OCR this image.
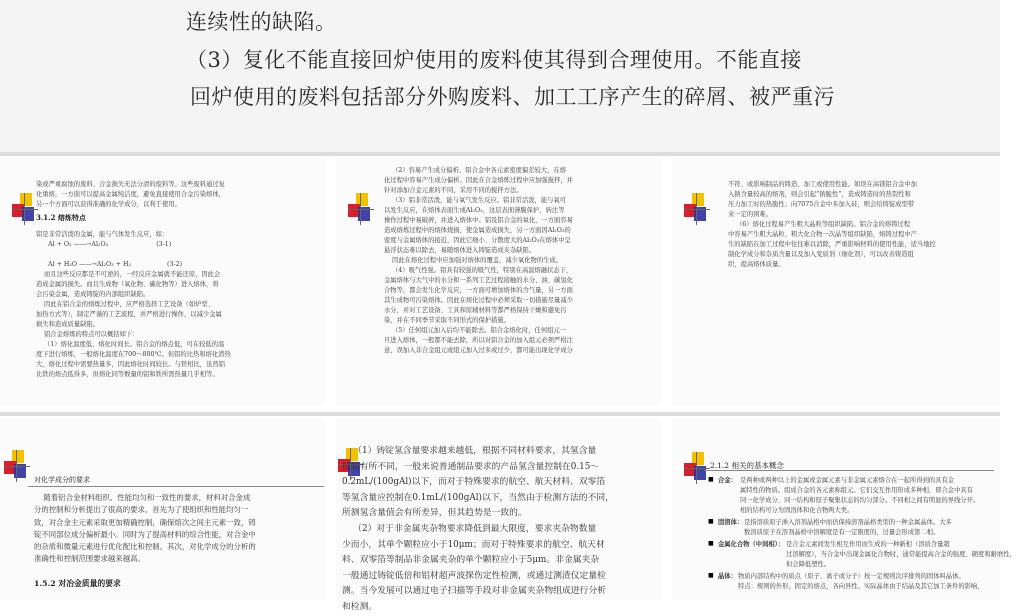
连续性的缺陷。
（3）复化不能直接回炉使用的废料使其得到合理使用。不能直接
回炉使用的废料包括部分外购废料、加工工序产生的碎屑、被严重污
3.1.2 熔炼特点
染或严重腐蚀的废料、合金损失无法分清的废料等。这些废料通过复
化重熔，一方面可以提高金属纯洁度，避免直接使用合金污染熔体，
另一个方面可以获得准确的化学成分，以利于使用。

铝是非常活泼的金属，能与气体发生反应，如：
Al + O₂ ——→Al₂O₃                        (3-1)

Al + H₂O ——→Al₂O₃ + H₂                  (3-2)
而且这些反应都是不可逆的，一经反应金属就不能还原，因此会
造成金属的损失。而且生成物（氧化物、碳化物等）进入熔体，将
会污染金属，造成铸锭的内部组织缺陷。
因此在铝合金的熔炼过程中，应严格选择工艺设备（如炉型、
加热方式等），制定严谨的工艺流程，并严格进行操作，以减少金属
损失和造成质量缺陷。
铝合金熔炼的特点可以概括如下：
（1）熔化温度低、熔化时间长。铝合金的熔点低，可在较低的温
度下进行熔炼，一般熔化温度在700～800℃。但铝的比热和熔化潜热
大，熔化过程中需要热量多，因此熔化时间较长。与铁相比，虽然铝
比铁的熔点低得多，但熔化同等数量的铝和铁所需热量几乎相等。
（2）容易产生成分偏析。铝合金中各元素密度偏差较大，在熔
化过程中容易产生成分偏析。因此在合金熔炼过程中应加强搅拌，并
针对添加合金元素的不同，采用不同的搅拌方法。
（3）铝非常活泼，能与氧气发生反应。铝非常活泼，能与氧可
以发生反应，在熔体表面生成Al₂O₃，这层表面薄膜保护，转注等
操作过程中易破碎，并进入熔体中。铝及铝合金的氧化，一方面容易
造成熔炼过程中的熔体烧损，使金属造成损失，另一方面因Al₂O₃的
密度与金属熔体的接近，因此它细小、分散度大的Al₂O₃在熔体中呈
悬浮状态难以除去，易随熔体进入铸锭造成夹杂缺陷。
因此在熔化过程中应加强对熔体的覆盖，减少氧化物的生成。
（4）吸气性强。铝具有较强的吸气性，特别在高温熔融状态下，
金属熔体与大气中的水分和一系列工艺过程接触的水分、油、碳氢化
合物等，都会发生化学反应，一方面可增加熔体的含气量，另一方面
其生成物可污染熔体。因此在熔化过程中必须采取一切措施尽量减少
水分，并对工艺设备、工具和原辅材料等都严格保持干燥和避免污
染，并在不同季节采取不同形式的保护措施。
（5）任何组元加入后均不能除去。铝合金熔化时，任何组元一
旦进入熔体，一般都不能去除，所以对铝合金的加入组元必须严格注
意，误加入非合金组元或组元加入过多或过少，都可能出现化学成分
不符、或影响制品的铸造、加工或使用性能。如误在高镁铝合金中加
入钠含量较高的熔剂，则会引起“钠脆性”，造成铸造时的热裂性和
压力加工时的热脆性；向7075合金中多加入硅，则会给铸锭成型带
来一定的困难。
（6）熔化过程易产生粗大晶粒等组织缺陷。铝合金的熔铸过程
中容易产生粗大晶粒、粗大化合物一次晶等组织缺陷，熔铸过程中产
生的缺陷在加工过程中往往难以消除，严重影响材料的使用性能，适当地控
制化学成分和杂质含量以及加入变质剂（细化剂），可以改善铸造组
织，提高熔体质量。
对化学成分的要求
随着铝合金材料组织、性能均匀和一致性的要求，材料对合金成
分的控制和分析提出了很高的要求。首先为了使组织和性能均匀一
致，对合金主元素采取更加精确控制，确保熔次之间主元素一致，铸
锭不同部位成分偏析最小。同时为了提高材料的综合性能，对合金中
的杂质和微量元素进行优化配比和控制。其次，对化学成分的分析的
准确性和控制范围要求越来越高。
1.5.2 对冶金质量的要求
（1）铸锭氢含量要求越来越低，根据不同材料要求，其氢含量
控制有所不同，一般来说普通制品要求的产品氢含量控制在0.15～
0.2mL/(100gAl)以下，而对于特殊要求的航空、航天材料、双零箔
等氢含量应控制在0.1mL/(100gAl)以下，当然由于检测方法的不同，
所测氢含量值会有所差异，但其趋势是一致的。
（2）对于非金属夹杂物要求降低到最大限度，要求夹杂物数量
少而小，其单个颗粒应小于10μm；而对于特殊要求的航空、航天材
料、双零箔等制品非金属夹杂的单个颗粒应小于5μm。非金属夹杂
一般通过铸锭低倍和铝材超声波探伤定性检测，或通过测渣仪定量检
测。当今发展可以通过电子扫描等手段对非金属夹杂物组成进行分析
和检测。
2.1.2 相关的基本概念
■ 合金： 是两种或两种以上的金属或金属元素与非金属元素熔合在一起所得到的具有金
属特性的物质。组成合金的各元素称组元。它们交互作用形成多种相，即合金中具有
同一化学成分、同一结构和原子聚集状态的均匀部分。不同相之间有明显的界线分开。
相的结构可分为固溶体和化合物两大类。
■ 固溶体： 是指溶质原子渗入溶剂晶格中而仍保持溶剂晶格类型的一种金属晶体。大多
数溶质原子在溶剂晶格中溶解度是有一定限度的，过量会形成第二相。
■ 金属化合物（中间相）： 是合金元素间发生相互作用而生成的一种新相（溶质含量超
过溶解度），当合金中出现金属化合物时，通常能提高合金的强度、硬度和耐磨性，
但会降低塑性。
■ 晶体： 物质内部结构中的质点（原子、离子或分子）按一定规则次序排列的固体叫晶体。
特点：规则的外形，固定的熔点，各向异性。实际晶体由于结晶及其它加工条件的影响，
